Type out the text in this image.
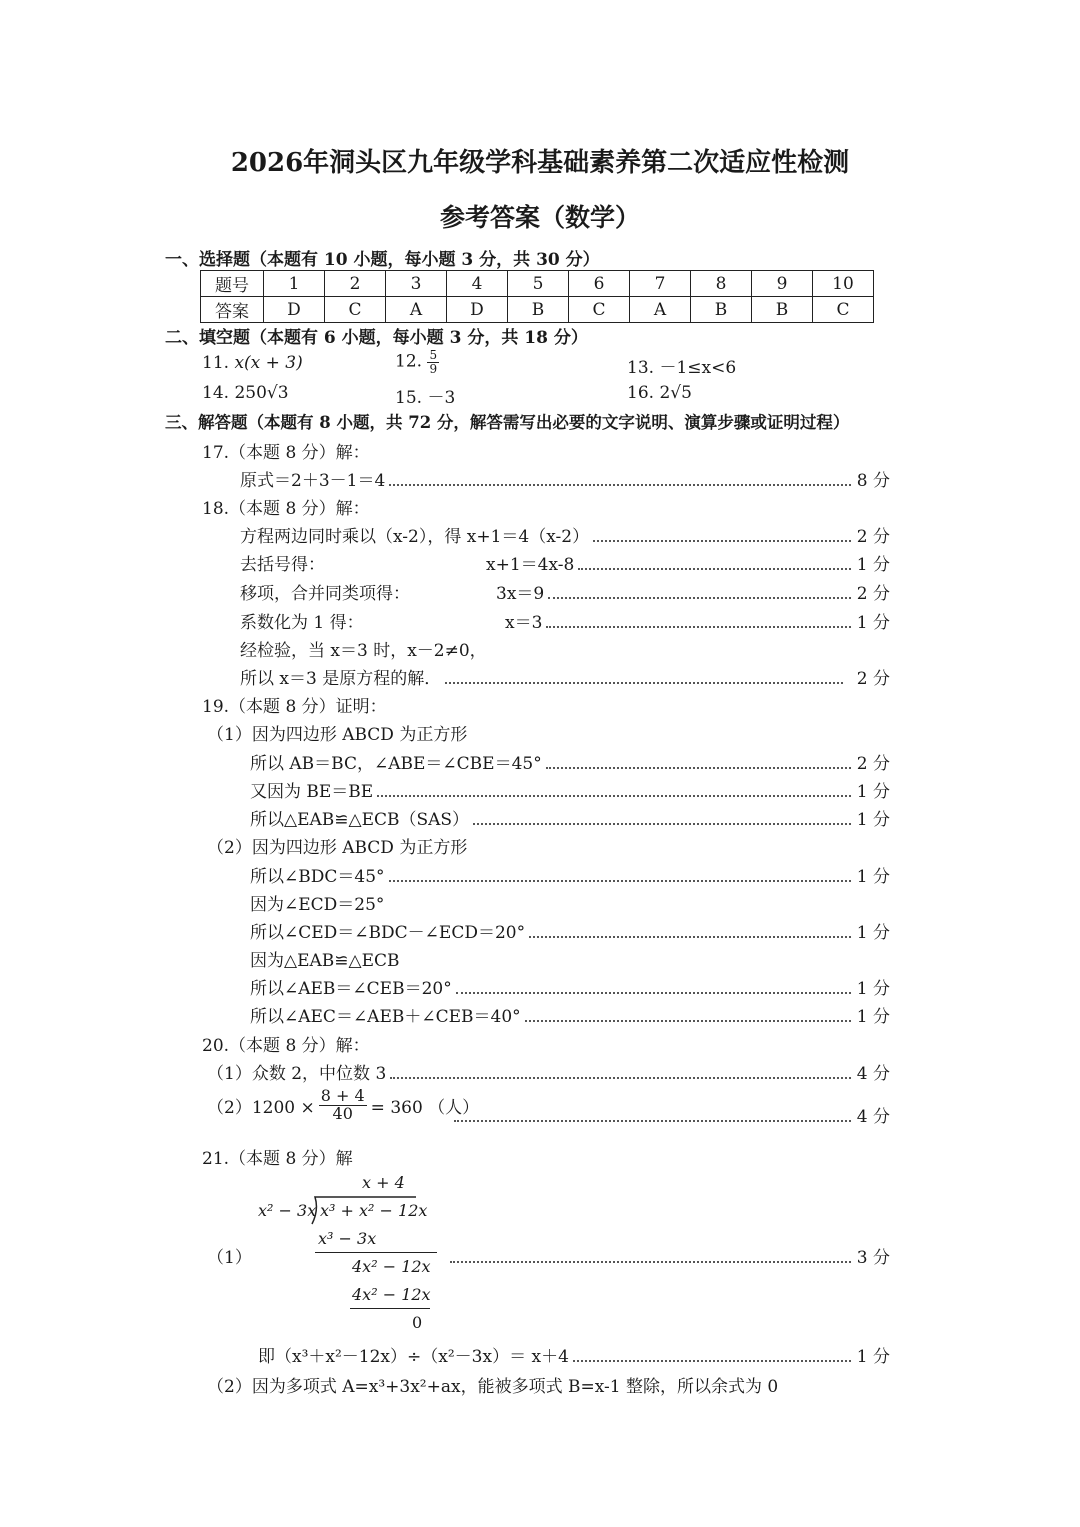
2026年洞头区九年级学科基础素养第二次适应性检测
参考答案（数学）
一、选择题（本题有 10 小题，每小题 3 分，共 30 分）
题号	1	2	3	4	5	6	7	8	9	10
答案	D	C	A	D	B	C	A	B	B	C
二、填空题（本题有 6 小题，每小题 3 分，共 18 分）
11. x(x + 3)	12. $\frac{5}{9}$	13. －1≤x<6
14. 250√3	15. －3	16. 2√5
三、解答题（本题有 8 小题，共 72 分，解答需写出必要的文字说明、演算步骤或证明过程）
17.（本题 8 分）解：
原式＝2＋3－1＝4	8 分
18.（本题 8 分）解：
方程两边同时乘以（x-2），得 x+1＝4（x-2）	2 分
去括号得：	x+1＝4x-8	1 分
移项，合并同类项得：	3x＝9	2 分
系数化为 1 得：	x＝3	1 分
经检验，当 x＝3 时，x－2≠0，
所以 x＝3 是原方程的解．	2 分
19.（本题 8 分）证明：
（1）因为四边形 ABCD 为正方形
所以 AB＝BC，∠ABE＝∠CBE＝45°	2 分
又因为 BE＝BE	1 分
所以△EAB≌△ECB（SAS）	1 分
（2）因为四边形 ABCD 为正方形
所以∠BDC＝45°	1 分
因为∠ECD＝25°
所以∠CED＝∠BDC－∠ECD＝20°	1 分
因为△EAB≌△ECB
所以∠AEB＝∠CEB＝20°	1 分
所以∠AEC＝∠AEB＋∠CEB＝40°	1 分
20.（本题 8 分）解：
（1）众数 2，中位数 3	4 分
$(2)1200 \times \frac{8 + 4}{40} = 360$ （人）	4 分
21.（本题 8 分）解
x + 4
x² − 3x x³ + x² − 12x
（1）
x³ − 3x
4x² − 12x
4x² − 12x
0
3 分
即（x³＋x²－12x）÷（x²－3x）＝ x＋4	1 分
（2）因为多项式 A=x³+3x²+ax，能被多项式 B=x-1 整除，所以余式为 0
